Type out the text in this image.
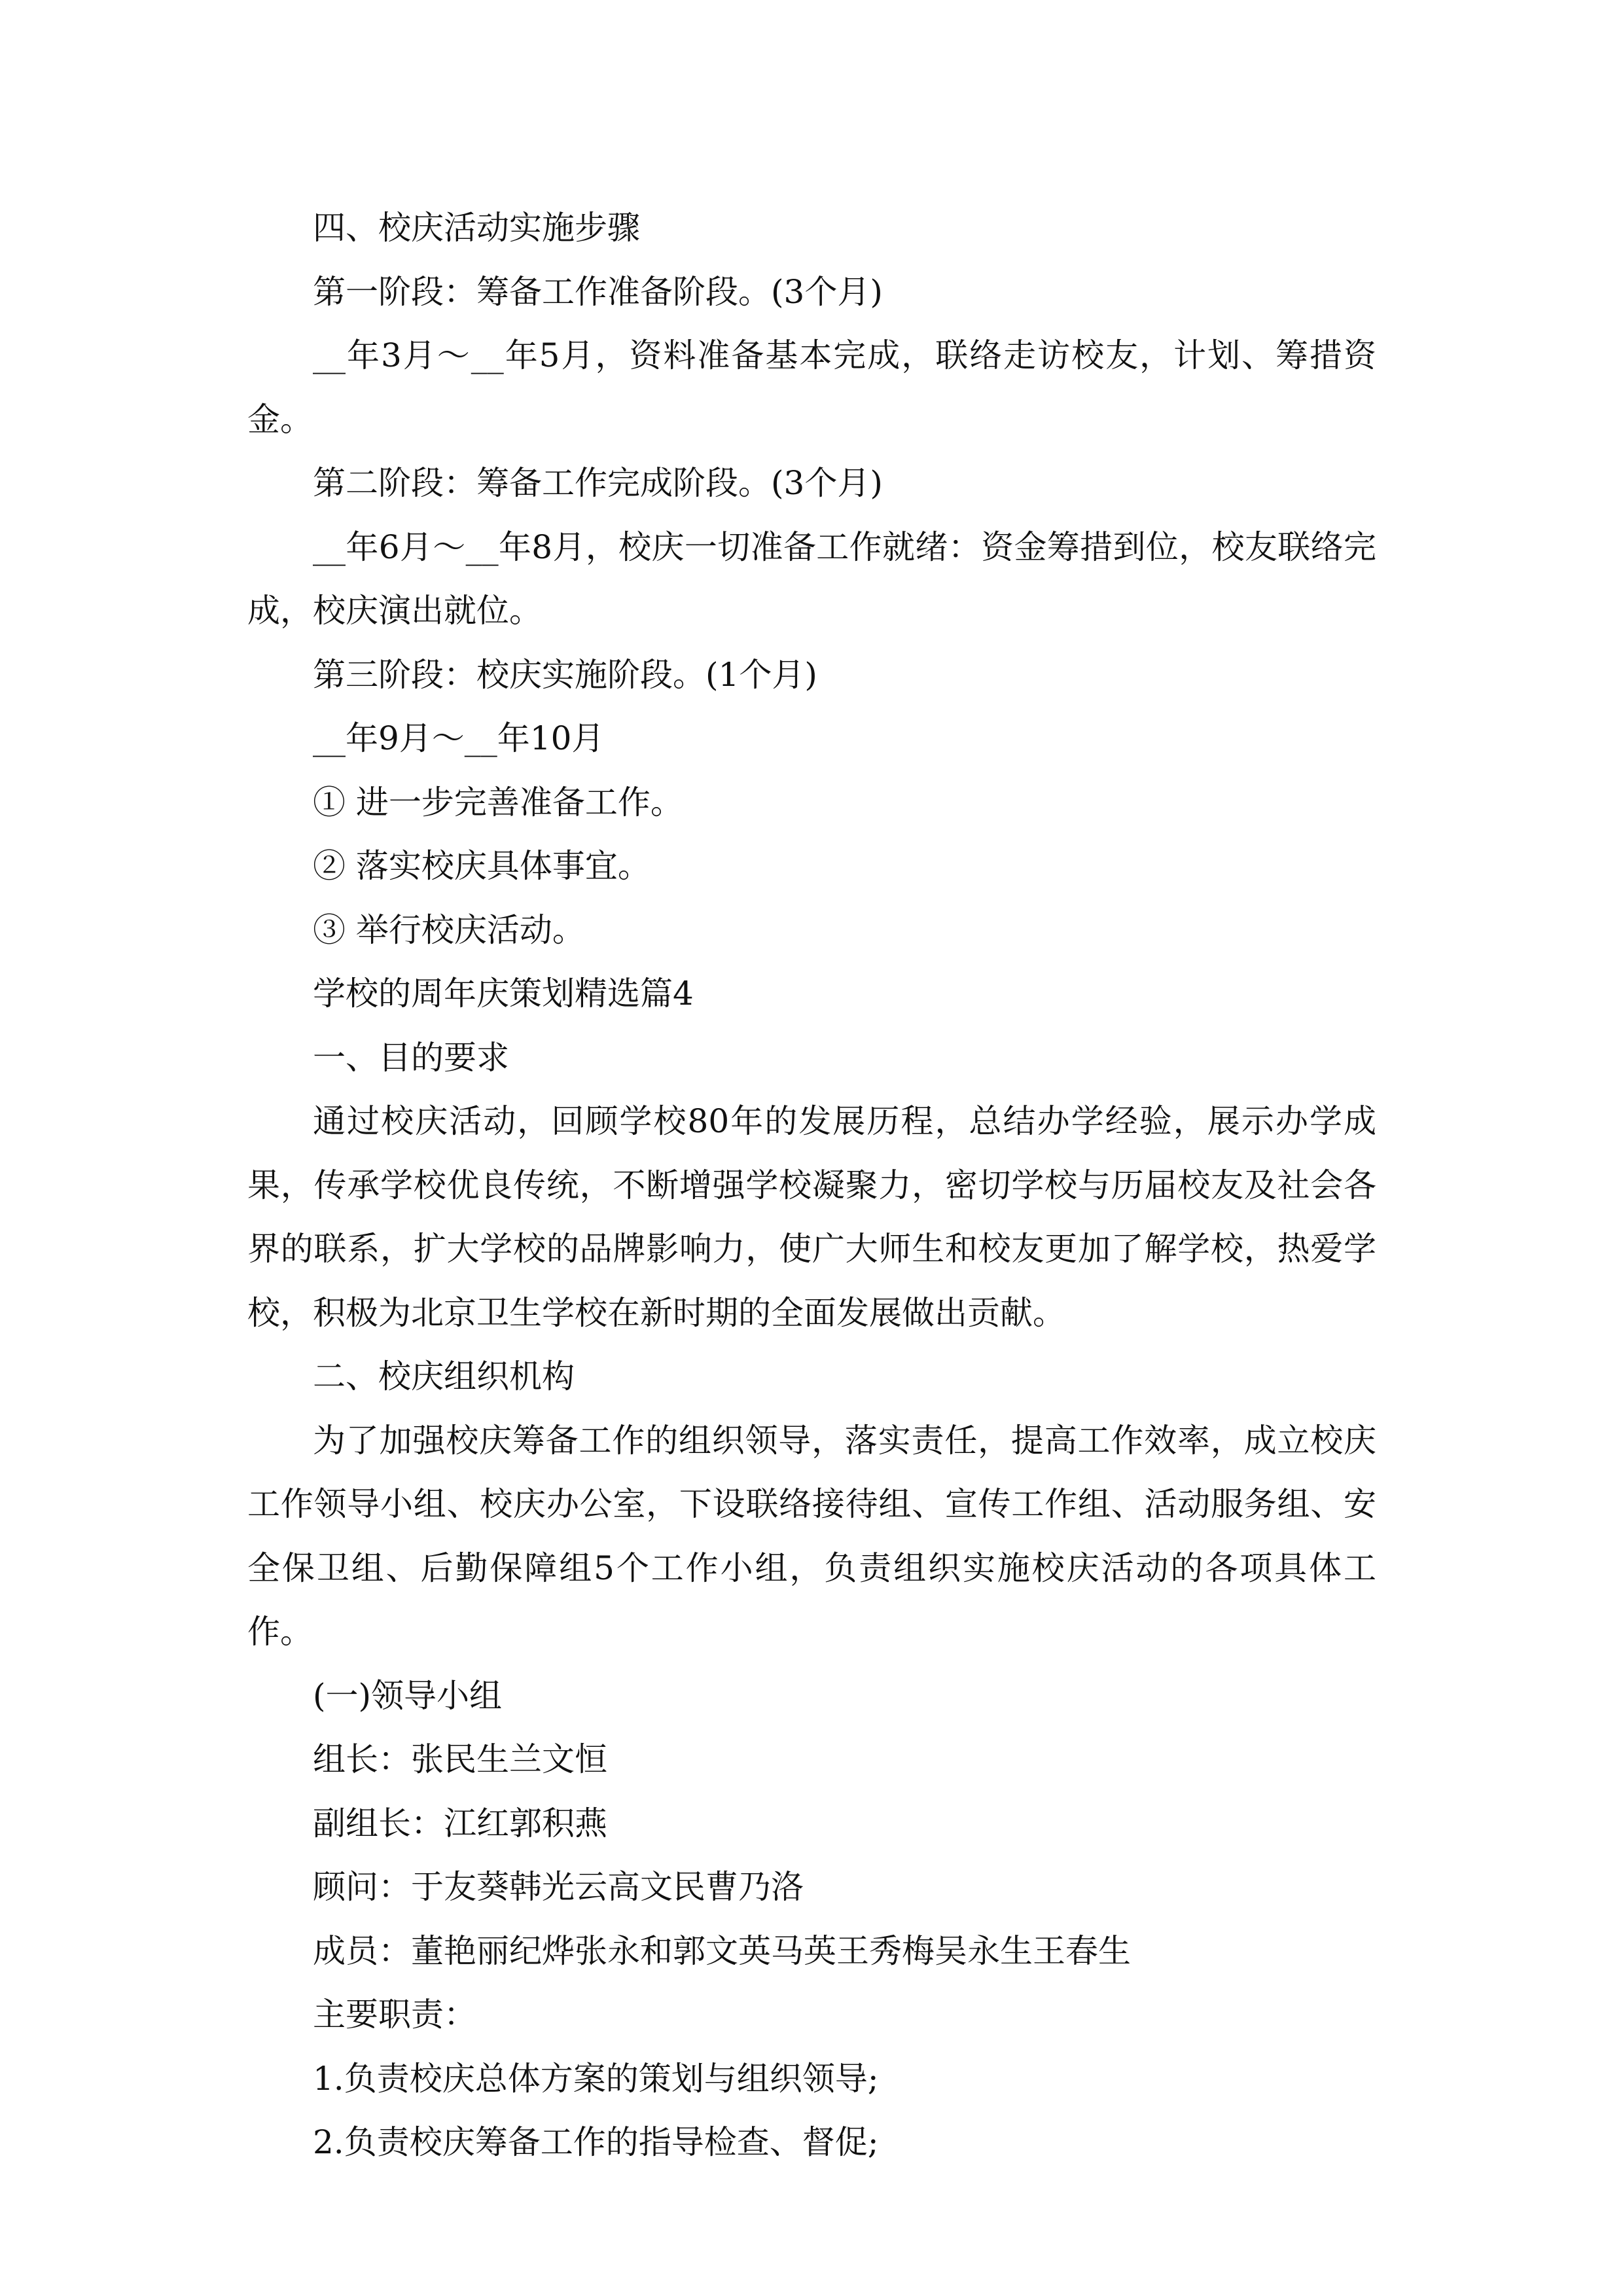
四、校庆活动实施步骤

第一阶段：筹备工作准备阶段。(3个月)

__年3月～__年5月，资料准备基本完成，联络走访校友，计划、筹措资金。

第二阶段：筹备工作完成阶段。(3个月)

__年6月～__年8月，校庆一切准备工作就绪：资金筹措到位，校友联络完成，校庆演出就位。

第三阶段：校庆实施阶段。(1个月)

__年9月～__年10月

① 进一步完善准备工作。

② 落实校庆具体事宜。

③ 举行校庆活动。

学校的周年庆策划精选篇4

一、目的要求

通过校庆活动，回顾学校80年的发展历程，总结办学经验，展示办学成果，传承学校优良传统，不断增强学校凝聚力，密切学校与历届校友及社会各界的联系，扩大学校的品牌影响力，使广大师生和校友更加了解学校，热爱学校，积极为北京卫生学校在新时期的全面发展做出贡献。

二、校庆组织机构

为了加强校庆筹备工作的组织领导，落实责任，提高工作效率，成立校庆工作领导小组、校庆办公室，下设联络接待组、宣传工作组、活动服务组、安全保卫组、后勤保障组5个工作小组，负责组织实施校庆活动的各项具体工作。

(一)领导小组

组长：张民生兰文恒

副组长：江红郭积燕

顾问：于友葵韩光云高文民曹乃洛

成员：董艳丽纪烨张永和郭文英马英王秀梅吴永生王春生

主要职责：

1.负责校庆总体方案的策划与组织领导;

2.负责校庆筹备工作的指导检查、督促;
